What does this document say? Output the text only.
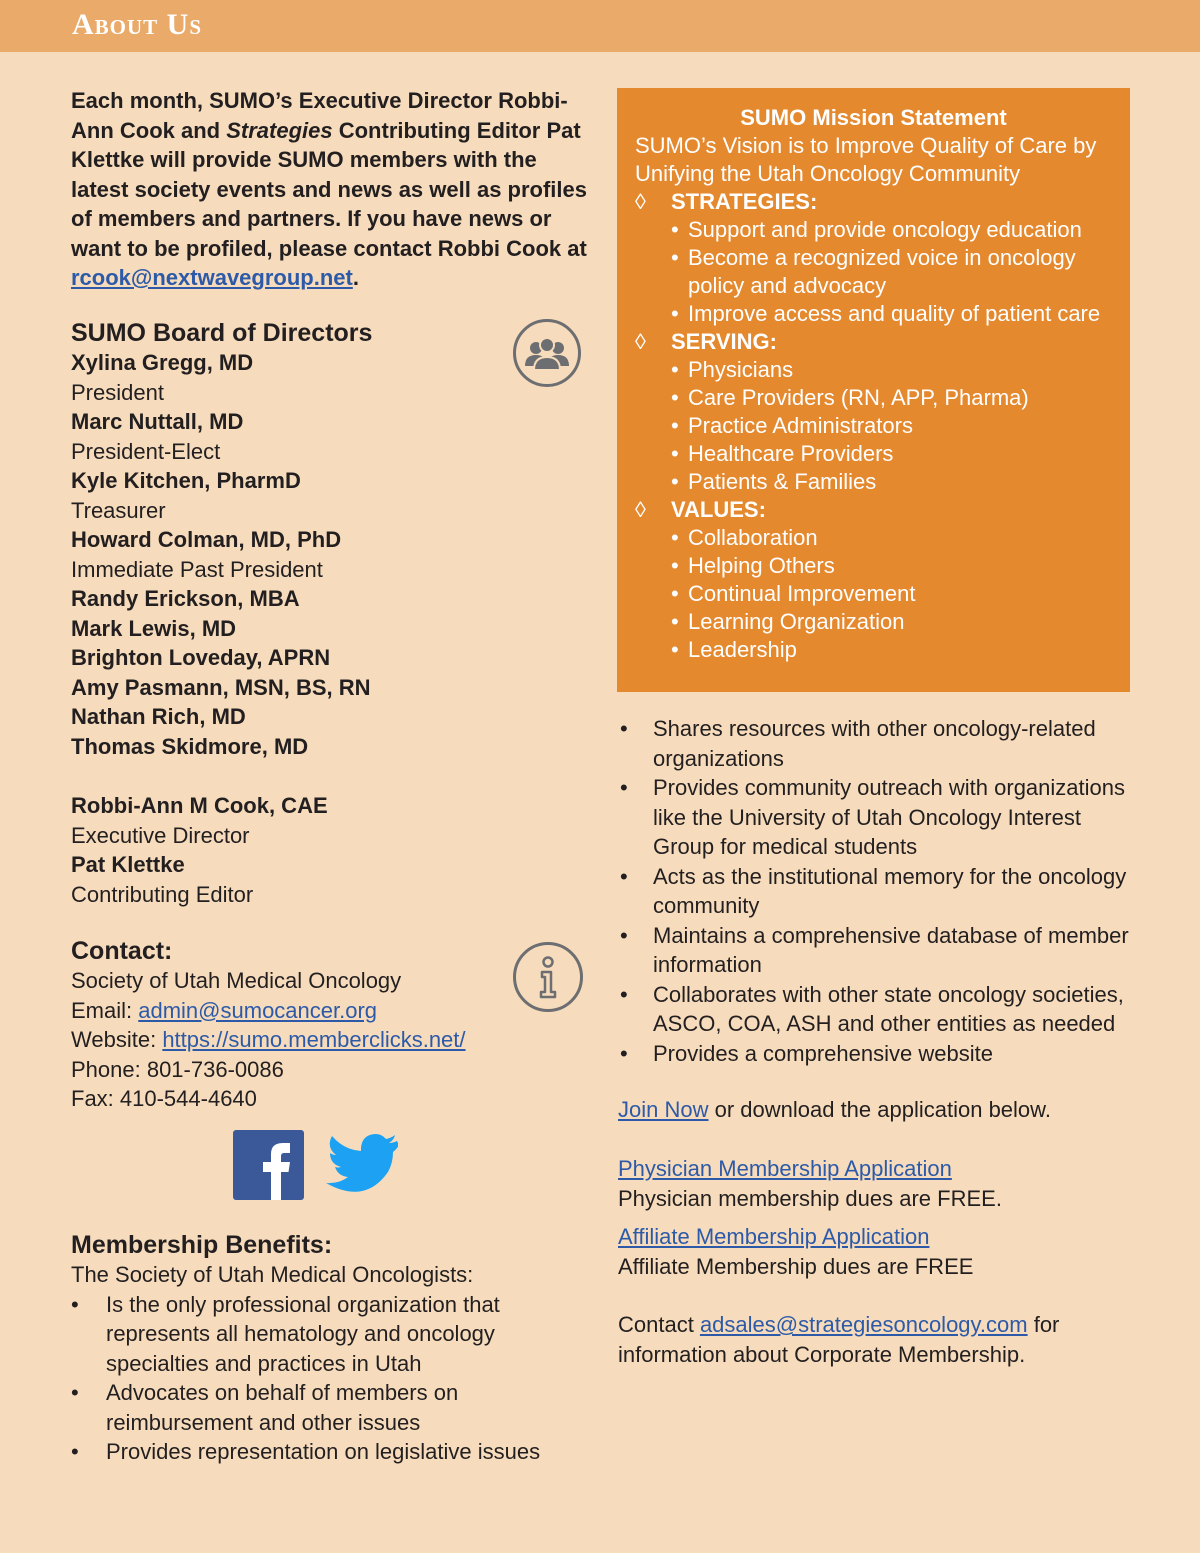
About Us

Each month, SUMO’s Executive Director Robbi-Ann Cook and Strategies Contributing Editor Pat Klettke will provide SUMO members with the latest society events and news as well as profiles of members and partners. If you have news or want to be profiled, please contact Robbi Cook at rcook@nextwavegroup.net.

SUMO Board of Directors
Xylina Gregg, MD
President
Marc Nuttall, MD
President-Elect
Kyle Kitchen, PharmD
Treasurer
Howard Colman, MD, PhD
Immediate Past President
Randy Erickson, MBA
Mark Lewis, MD
Brighton Loveday, APRN
Amy Pasmann, MSN, BS, RN
Nathan Rich, MD
Thomas Skidmore, MD
Robbi-Ann M Cook, CAE
Executive Director
Pat Klettke
Contributing Editor
Contact:
Society of Utah Medical Oncology
Email: admin@sumocancer.org
Website: https://sumo.memberclicks.net/
Phone: 801-736-0086
Fax: 410-544-4640
Membership Benefits:
The Society of Utah Medical Oncologists:
• Is the only professional organization that represents all hematology and oncology specialties and practices in Utah
• Advocates on behalf of members on reimbursement and other issues
• Provides representation on legislative issues
SUMO Mission Statement
SUMO’s Vision is to Improve Quality of Care by Unifying the Utah Oncology Community
◊ STRATEGIES:
• Support and provide oncology education
• Become a recognized voice in oncology policy and advocacy
• Improve access and quality of patient care
◊ SERVING:
• Physicians
• Care Providers (RN, APP, Pharma)
• Practice Administrators
• Healthcare Providers
• Patients & Families
◊ VALUES:
• Collaboration
• Helping Others
• Continual Improvement
• Learning Organization
• Leadership
• Shares resources with other oncology-related organizations
• Provides community outreach with organizations like the University of Utah Oncology Interest Group for medical students
• Acts as the institutional memory for the oncology community
• Maintains a comprehensive database of member information
• Collaborates with other state oncology societies, ASCO, COA, ASH and other entities as needed
• Provides a comprehensive website
Join Now or download the application below.
Physician Membership Application
Physician membership dues are FREE.
Affiliate Membership Application
Affiliate Membership dues are FREE
Contact adsales@strategiesoncology.com for information about Corporate Membership.
